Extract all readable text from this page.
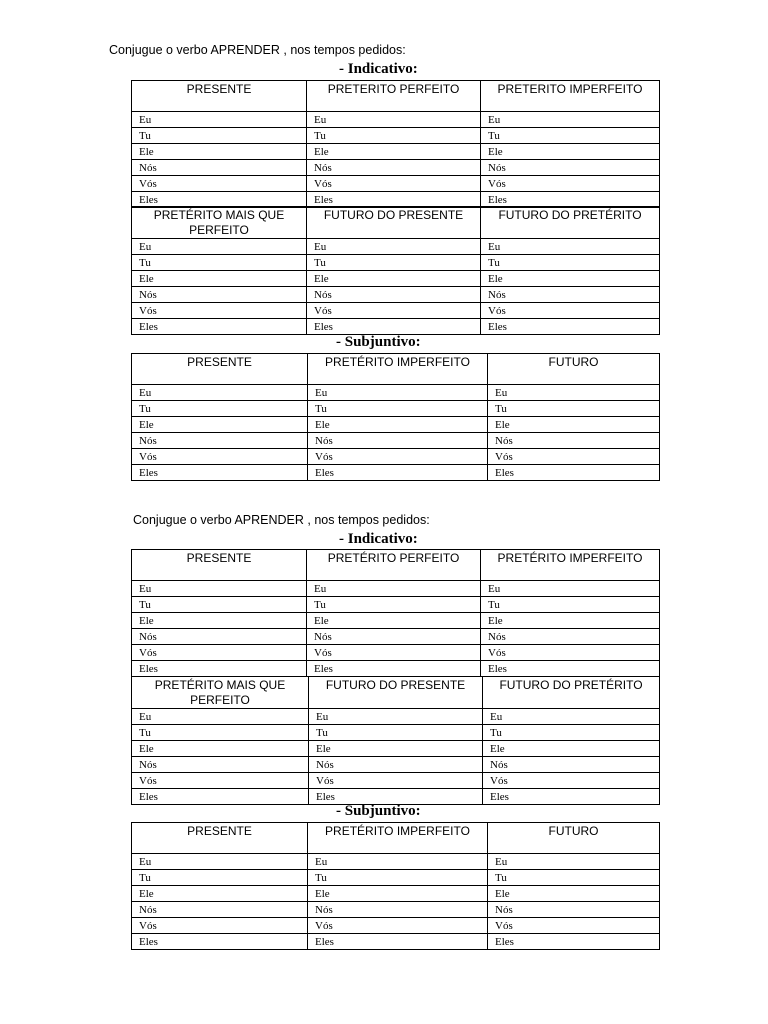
Conjugue o verbo APRENDER , nos tempos pedidos:
- Indicativo:
PRESENTE	PRETERITO PERFEITO	PRETERITO IMPERFEITO
Eu	Eu	Eu
Tu	Tu	Tu
Ele	Ele	Ele
Nós	Nós	Nós
Vós	Vós	Vós
Eles	Eles	Eles
PRETÉRITO MAIS QUE PERFEITO	FUTURO DO PRESENTE	FUTURO DO PRETÉRITO
Eu	Eu	Eu
Tu	Tu	Tu
Ele	Ele	Ele
Nós	Nós	Nós
Vós	Vós	Vós
Eles	Eles	Eles
- Subjuntivo:
PRESENTE	PRETÉRITO IMPERFEITO	FUTURO
Eu	Eu	Eu
Tu	Tu	Tu
Ele	Ele	Ele
Nós	Nós	Nós
Vós	Vós	Vós
Eles	Eles	Eles
Conjugue o verbo APRENDER , nos tempos pedidos:
- Indicativo:
PRESENTE	PRETÉRITO PERFEITO	PRETÉRITO IMPERFEITO
Eu	Eu	Eu
Tu	Tu	Tu
Ele	Ele	Ele
Nós	Nós	Nós
Vós	Vós	Vós
Eles	Eles	Eles
PRETÉRITO MAIS QUE PERFEITO	FUTURO DO PRESENTE	FUTURO DO PRETÉRITO
Eu	Eu	Eu
Tu	Tu	Tu
Ele	Ele	Ele
Nós	Nós	Nós
Vós	Vós	Vós
Eles	Eles	Eles
- Subjuntivo:
PRESENTE	PRETÉRITO IMPERFEITO	FUTURO
Eu	Eu	Eu
Tu	Tu	Tu
Ele	Ele	Ele
Nós	Nós	Nós
Vós	Vós	Vós
Eles	Eles	Eles
